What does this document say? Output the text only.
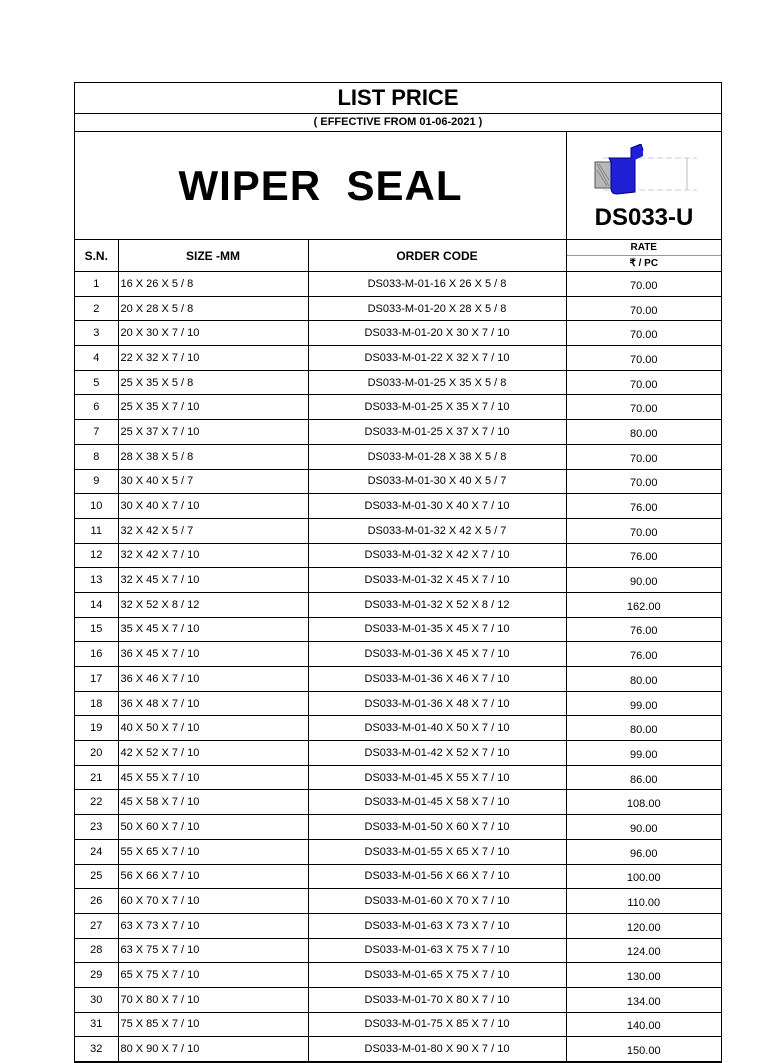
LIST PRICE
( EFFECTIVE FROM 01-06-2021 )
WIPER  SEAL
DS033-U
S.N.	SIZE -MM	ORDER CODE	RATE
			₹ / PC
1	16 X 26 X 5 / 8	DS033-M-01-16 X 26 X 5 / 8	70.00
2	20 X 28 X 5 / 8	DS033-M-01-20 X 28 X 5 / 8	70.00
3	20 X 30 X 7 / 10	DS033-M-01-20 X 30 X 7 / 10	70.00
4	22 X 32 X 7 / 10	DS033-M-01-22 X 32 X 7 / 10	70.00
5	25 X 35 X 5 / 8	DS033-M-01-25 X 35 X 5 / 8	70.00
6	25 X 35 X 7 / 10	DS033-M-01-25 X 35 X 7 / 10	70.00
7	25 X 37 X 7 / 10	DS033-M-01-25 X 37 X 7 / 10	80.00
8	28 X 38 X 5 / 8	DS033-M-01-28 X 38 X 5 / 8	70.00
9	30 X 40 X 5 / 7	DS033-M-01-30 X 40 X 5 / 7	70.00
10	30 X 40 X 7 / 10	DS033-M-01-30 X 40 X 7 / 10	76.00
11	32 X 42 X 5 / 7	DS033-M-01-32 X 42 X 5 / 7	70.00
12	32 X 42 X 7 / 10	DS033-M-01-32 X 42 X 7 / 10	76.00
13	32 X 45 X 7 / 10	DS033-M-01-32 X 45 X 7 / 10	90.00
14	32 X 52 X 8 / 12	DS033-M-01-32 X 52 X 8 / 12	162.00
15	35 X 45 X 7 / 10	DS033-M-01-35 X 45 X 7 / 10	76.00
16	36 X 45 X 7 / 10	DS033-M-01-36 X 45 X 7 / 10	76.00
17	36 X 46 X 7 / 10	DS033-M-01-36 X 46 X 7 / 10	80.00
18	36 X 48 X 7 / 10	DS033-M-01-36 X 48 X 7 / 10	99.00
19	40 X 50 X 7 / 10	DS033-M-01-40 X 50 X 7 / 10	80.00
20	42 X 52 X 7 / 10	DS033-M-01-42 X 52 X 7 / 10	99.00
21	45 X 55 X 7 / 10	DS033-M-01-45 X 55 X 7 / 10	86.00
22	45 X 58 X 7 / 10	DS033-M-01-45 X 58 X 7 / 10	108.00
23	50 X 60 X 7 / 10	DS033-M-01-50 X 60 X 7 / 10	90.00
24	55 X 65 X 7 / 10	DS033-M-01-55 X 65 X 7 / 10	96.00
25	56 X 66 X 7 / 10	DS033-M-01-56 X 66 X 7 / 10	100.00
26	60 X 70 X 7 / 10	DS033-M-01-60 X 70 X 7 / 10	110.00
27	63 X 73 X 7 / 10	DS033-M-01-63 X 73 X 7 / 10	120.00
28	63 X 75 X 7 / 10	DS033-M-01-63 X 75 X 7 / 10	124.00
29	65 X 75 X 7 / 10	DS033-M-01-65 X 75 X 7 / 10	130.00
30	70 X 80 X 7 / 10	DS033-M-01-70 X 80 X 7 / 10	134.00
31	75 X 85 X 7 / 10	DS033-M-01-75 X 85 X 7 / 10	140.00
32	80 X 90 X 7 / 10	DS033-M-01-80 X 90 X 7 / 10	150.00
